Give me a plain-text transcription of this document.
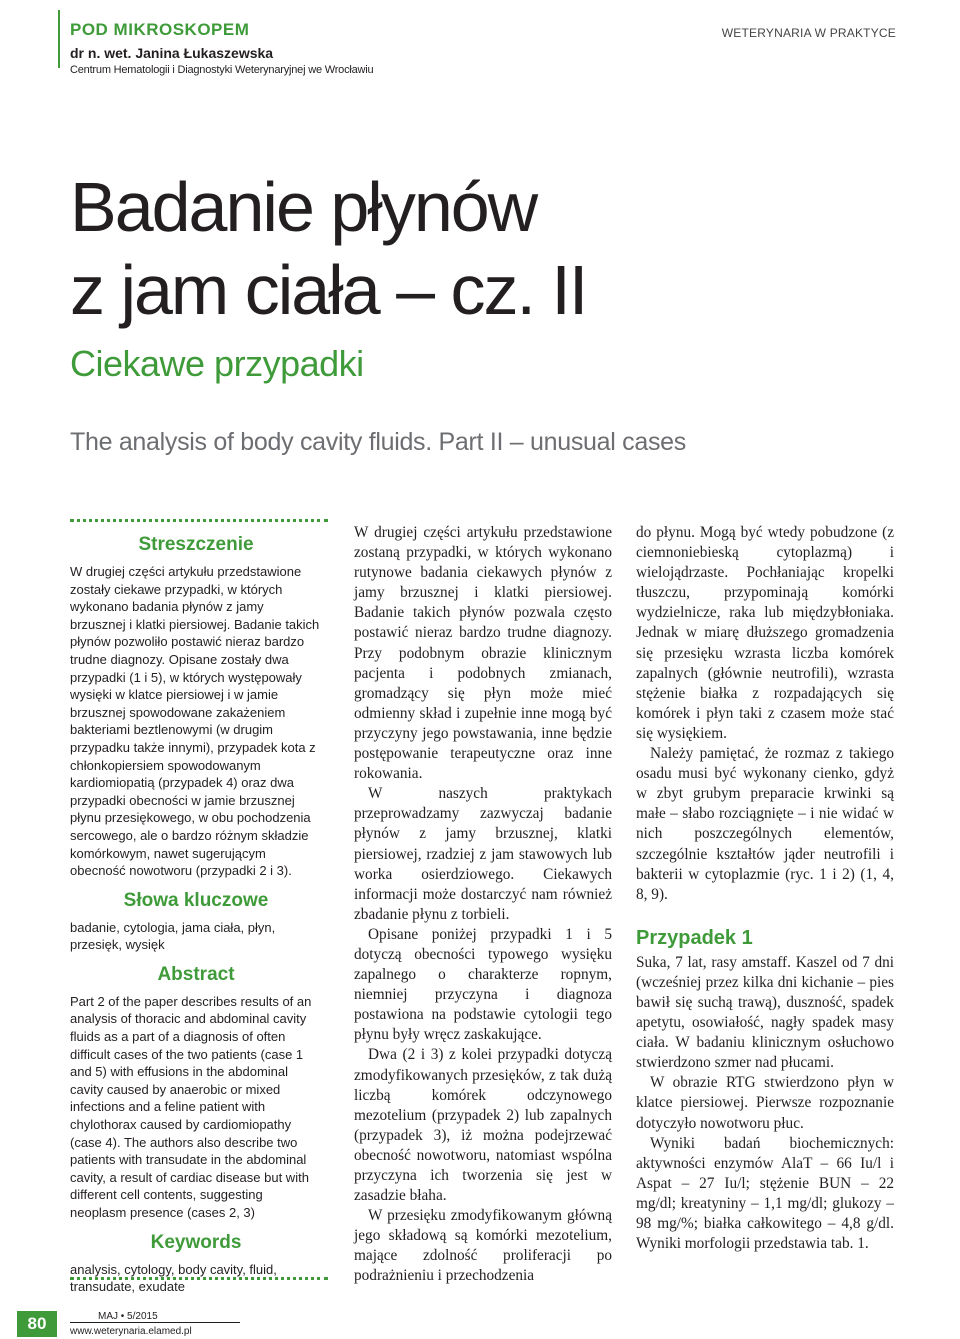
POD MIKROSKOPEM
dr n. wet. Janina Łukaszewska
Centrum Hematologii i Diagnostyki Weterynaryjnej we Wrocławiu
WETERYNARIA W PRAKTYCE
Badanie płynów
z jam ciała – cz. II
Ciekawe przypadki
The analysis of body cavity fluids. Part II – unusual cases
Streszczenie
W drugiej części artykułu przedstawione zostały ciekawe przypadki, w których wykonano badania płynów z jamy brzusznej i klatki piersiowej. Badanie takich płynów pozwoliło postawić nieraz bardzo trudne diagnozy. Opisane zostały dwa przypadki (1 i 5), w których występowały wysięki w klatce piersiowej i w jamie brzusznej spowodowane zakażeniem bakteriami beztlenowymi (w drugim przypadku także innymi), przypadek kota z chłonkopiersiem spowodowanym kardiomiopatią (przypadek 4) oraz dwa przypadki obecności w jamie brzusznej płynu przesiękowego, w obu pochodzenia sercowego, ale o bardzo różnym składzie komórkowym, nawet sugerującym obecność nowotworu (przypadki 2 i 3).
Słowa kluczowe
badanie, cytologia, jama ciała, płyn, przesięk, wysięk
Abstract
Part 2 of the paper describes results of an analysis of thoracic and abdominal cavity fluids as a part of a diagnosis of often difficult cases of the two patients (case 1 and 5) with effusions in the abdominal cavity caused by anaerobic or mixed infections and a feline patient with chylothorax caused by cardiomiopathy (case 4). The authors also describe two patients with transudate in the abdominal cavity, a result of cardiac disease but with different cell contents, suggesting neoplasm presence (cases 2, 3)
Keywords
analysis, cytology, body cavity, fluid, transudate, exudate

W drugiej części artykułu przedstawione zostaną przypadki, w których wykonano rutynowe badania ciekawych płynów z jamy brzusznej i klatki piersiowej. Badanie takich płynów pozwala często postawić nieraz bardzo trudne diagnozy. Przy podobnym obrazie klinicznym pacjenta i podobnych zmianach, gromadzący się płyn może mieć odmienny skład i zupełnie inne mogą być przyczyny jego powstawania, inne będzie postępowanie terapeutyczne oraz inne rokowania.

W naszych praktykach przeprowadzamy zazwyczaj badanie płynów z jamy brzusznej, klatki piersiowej, rzadziej z jam stawowych lub worka osierdziowego. Ciekawych informacji może dostarczyć nam również zbadanie płynu z torbieli.

Opisane poniżej przypadki 1 i 5 dotyczą obecności typowego wysięku zapalnego o charakterze ropnym, niemniej przyczyna i diagnoza postawiona na podstawie cytologii tego płynu były wręcz zaskakujące.

Dwa (2 i 3) z kolei przypadki dotyczą zmodyfikowanych przesięków, z tak dużą liczbą komórek odczynowego mezotelium (przypadek 2) lub zapalnych (przypadek 3), iż można podejrzewać obecność nowotworu, natomiast wspólna przyczyna ich tworzenia się jest w zasadzie błaha.

W przesięku zmodyfikowanym główną jego składową są komórki mezotelium, mające zdolność proliferacji po podrażnieniu i przechodzenia

do płynu. Mogą być wtedy pobudzone (z ciemnoniebieską cytoplazmą) i wielojądrzaste. Pochłaniając kropelki tłuszczu, przypominają komórki wydzielnicze, raka lub międzybłoniaka. Jednak w miarę dłuższego gromadzenia się przesięku wzrasta liczba komórek zapalnych (głównie neutrofili), wzrasta stężenie białka z rozpadających się komórek i płyn taki z czasem może stać się wysiękiem.

Należy pamiętać, że rozmaz z takiego osadu musi być wykonany cienko, gdyż w zbyt grubym preparacie krwinki są małe – słabo rozciągnięte – i nie widać w nich poszczególnych elementów, szczególnie kształtów jąder neutrofili i bakterii w cytoplazmie (ryc. 1 i 2) (1, 4, 8, 9).

Przypadek 1

Suka, 7 lat, rasy amstaff. Kaszel od 7 dni (wcześniej przez kilka dni kichanie – pies bawił się suchą trawą), duszność, spadek apetytu, osowiałość, nagły spadek masy ciała. W badaniu klinicznym osłuchowo stwierdzono szmer nad płucami.

W obrazie RTG stwierdzono płyn w klatce piersiowej. Pierwsze rozpoznanie dotyczyło nowotworu płuc.

Wyniki badań biochemicznych: aktywności enzymów AlaT – 66 Iu/l i Aspat – 27 Iu/l; stężenie BUN – 22 mg/dl; kreatyniny – 1,1 mg/dl; glukozy – 98 mg/%; białka całkowitego – 4,8 g/dl. Wyniki morfologii przedstawia tab. 1.

80	MAJ • 5/2015
www.weterynaria.elamed.pl
